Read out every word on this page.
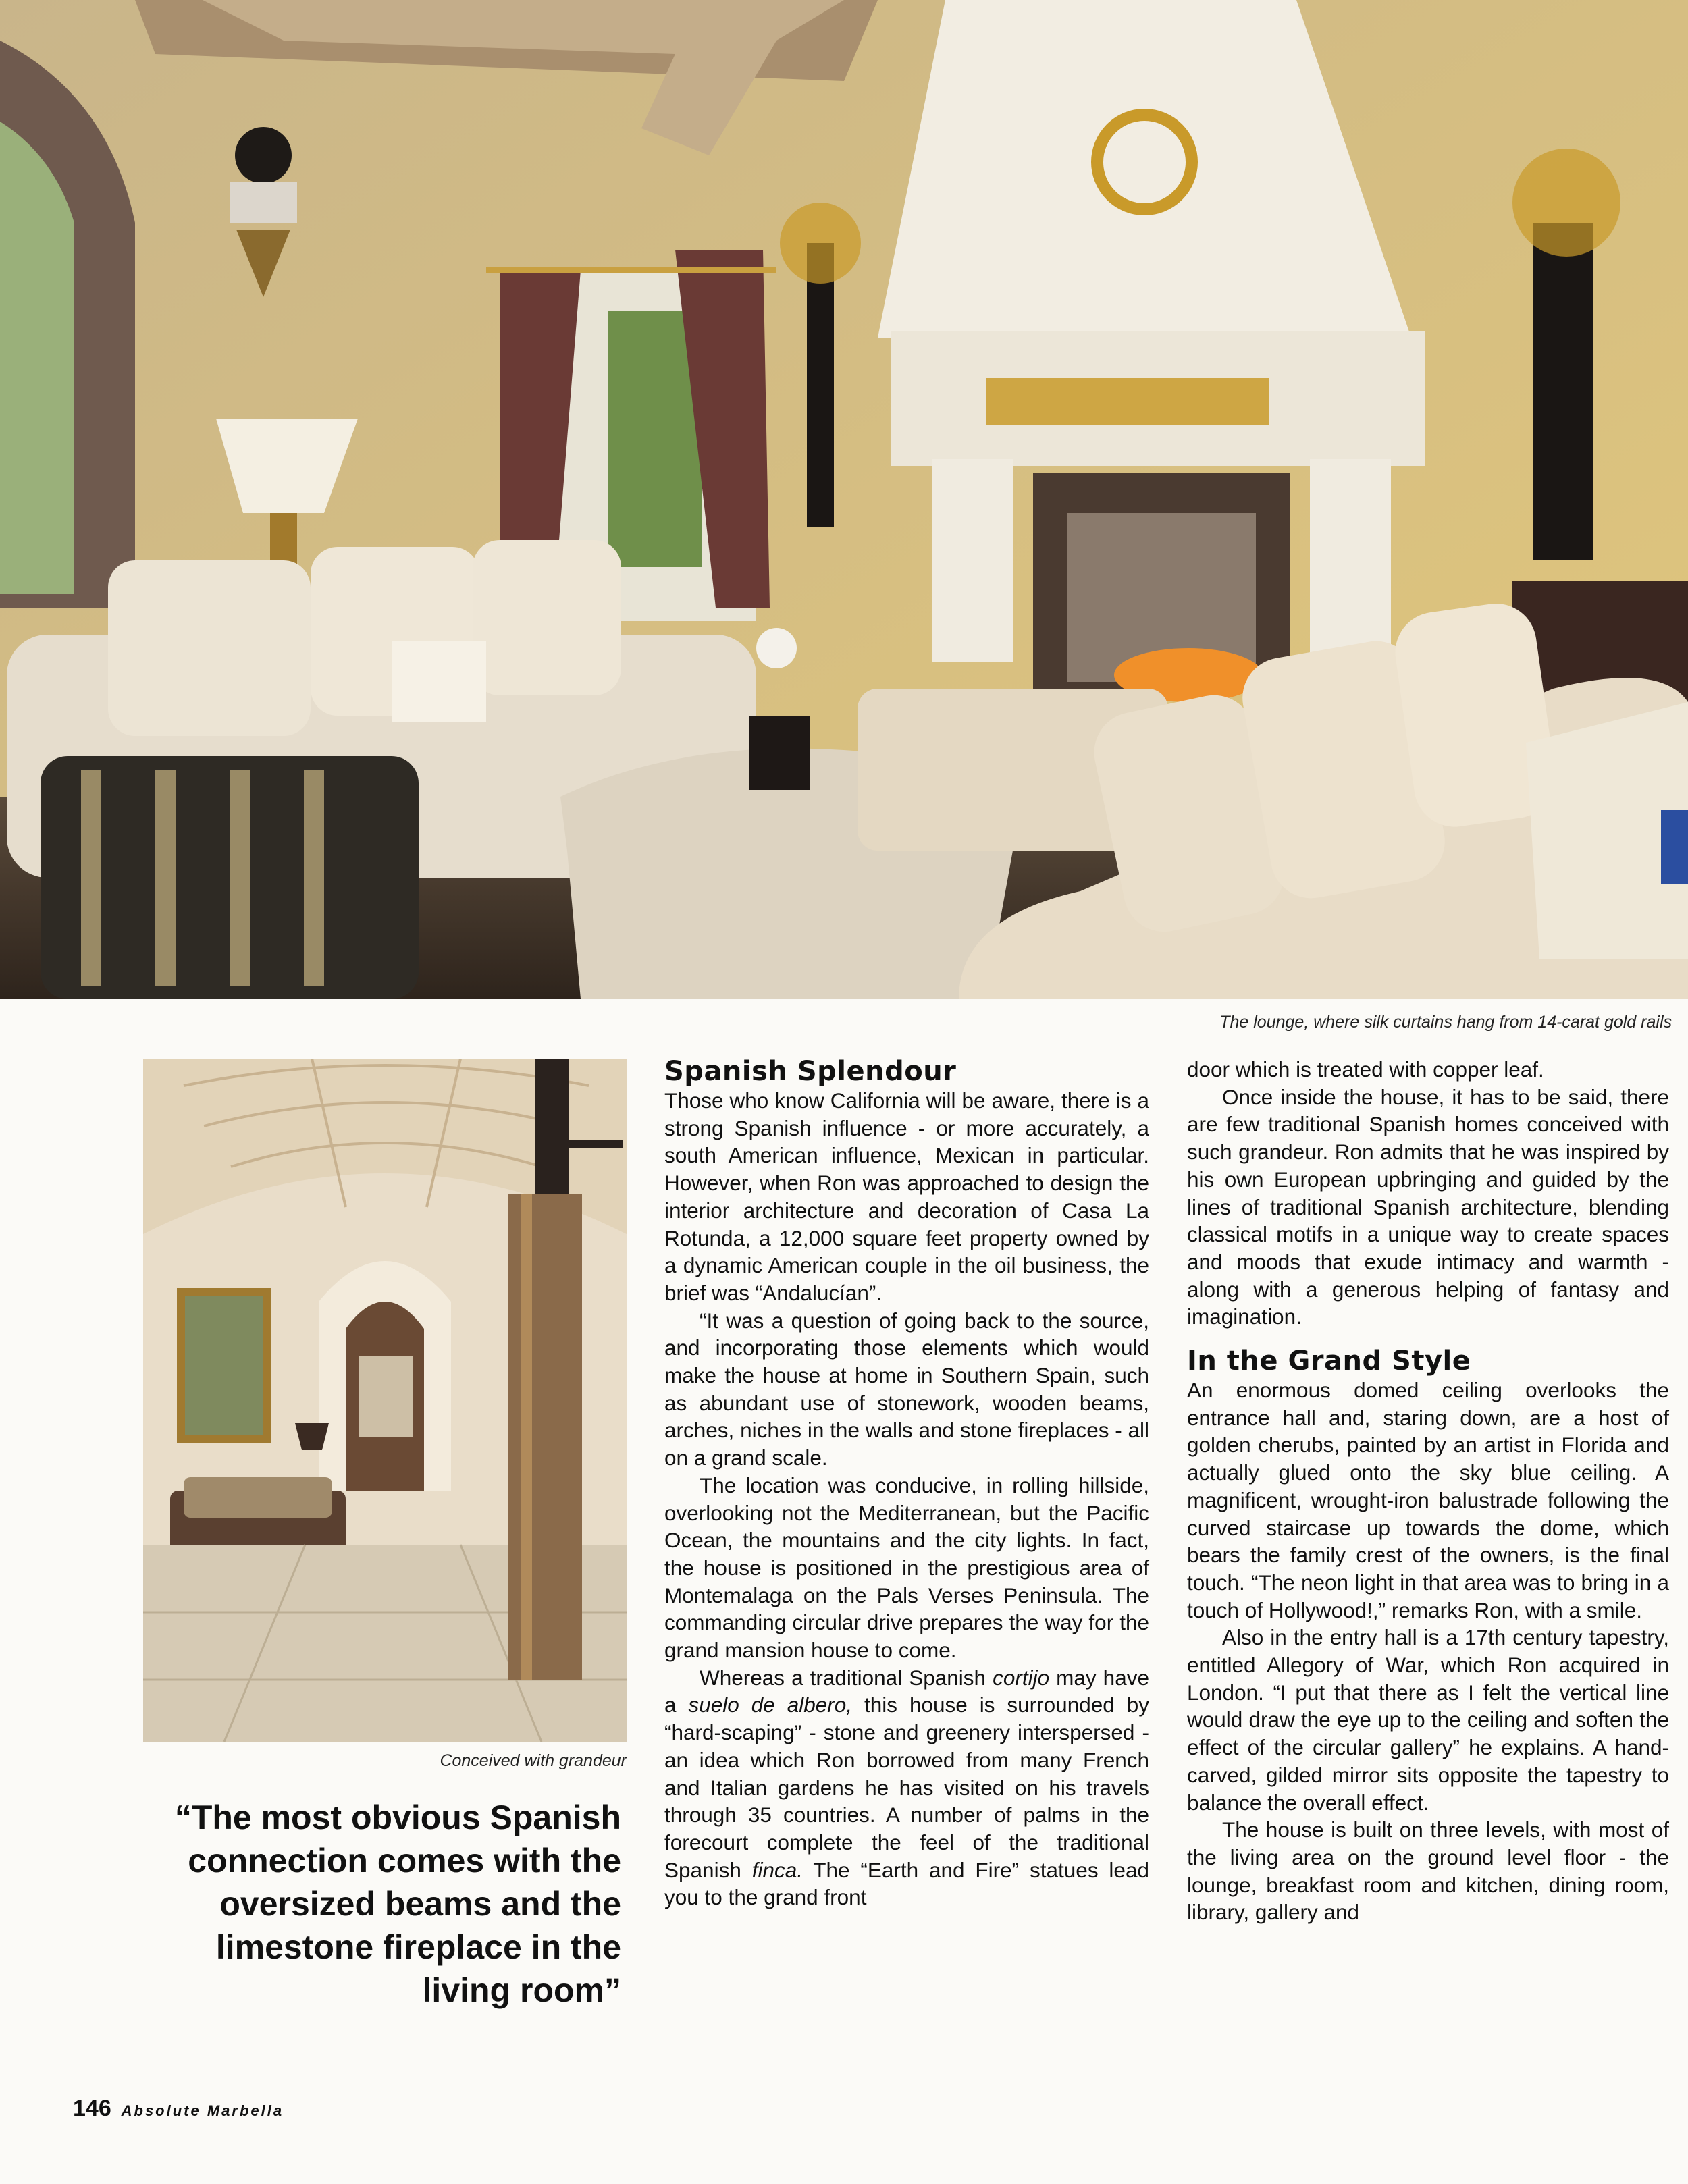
The lounge, where silk curtains hang from 14-carat gold rails
Conceived with grandeur
“The most obvious Spanish connection comes with the oversized beams and the limestone fireplace in the living room”
Spanish Splendour

Those who know California will be aware, there is a strong Spanish influence - or more accurately, a south American influence, Mexican in particular. However, when Ron was approached to design the interior architecture and decoration of Casa La Rotunda, a 12,000 square feet property owned by a dynamic American couple in the oil business, the brief was “Andalucían”.

“It was a question of going back to the source, and incorporating those elements which would make the house at home in Southern Spain, such as abundant use of stonework, wooden beams, arches, niches in the walls and stone fireplaces - all on a grand scale.

The location was conducive, in rolling hillside, overlooking not the Mediterranean, but the Pacific Ocean, the mountains and the city lights. In fact, the house is positioned in the prestigious area of Montemalaga on the Pals Verses Peninsula. The commanding circular drive prepares the way for the grand mansion house to come.

Whereas a traditional Spanish cortijo may have a suelo de albero, this house is surrounded by “hard-scaping” - stone and greenery interspersed - an idea which Ron borrowed from many French and Italian gardens he has visited on his travels through 35 countries. A number of palms in the forecourt complete the feel of the traditional Spanish finca. The “Earth and Fire” statues lead you to the grand front

door which is treated with copper leaf.

Once inside the house, it has to be said, there are few traditional Spanish homes conceived with such grandeur. Ron admits that he was inspired by his own European upbringing and guided by the lines of traditional Spanish architecture, blending classical motifs in a unique way to create spaces and moods that exude intimacy and warmth - along with a generous helping of fantasy and imagination.

In the Grand Style

An enormous domed ceiling overlooks the entrance hall and, staring down, are a host of golden cherubs, painted by an artist in Florida and actually glued onto the sky blue ceiling. A magnificent, wrought-iron balustrade following the curved staircase up towards the dome, which bears the family crest of the owners, is the final touch. “The neon light in that area was to bring in a touch of Hollywood!,” remarks Ron, with a smile.

Also in the entry hall is a 17th century tapestry, entitled Allegory of War, which Ron acquired in London. “I put that there as I felt the vertical line would draw the eye up to the ceiling and soften the effect of the circular gallery” he explains. A hand-carved, gilded mirror sits opposite the tapestry to balance the overall effect.

The house is built on three levels, with most of the living area on the ground level floor - the lounge, breakfast room and kitchen, dining room, library, gallery and

146 Absolute Marbella
